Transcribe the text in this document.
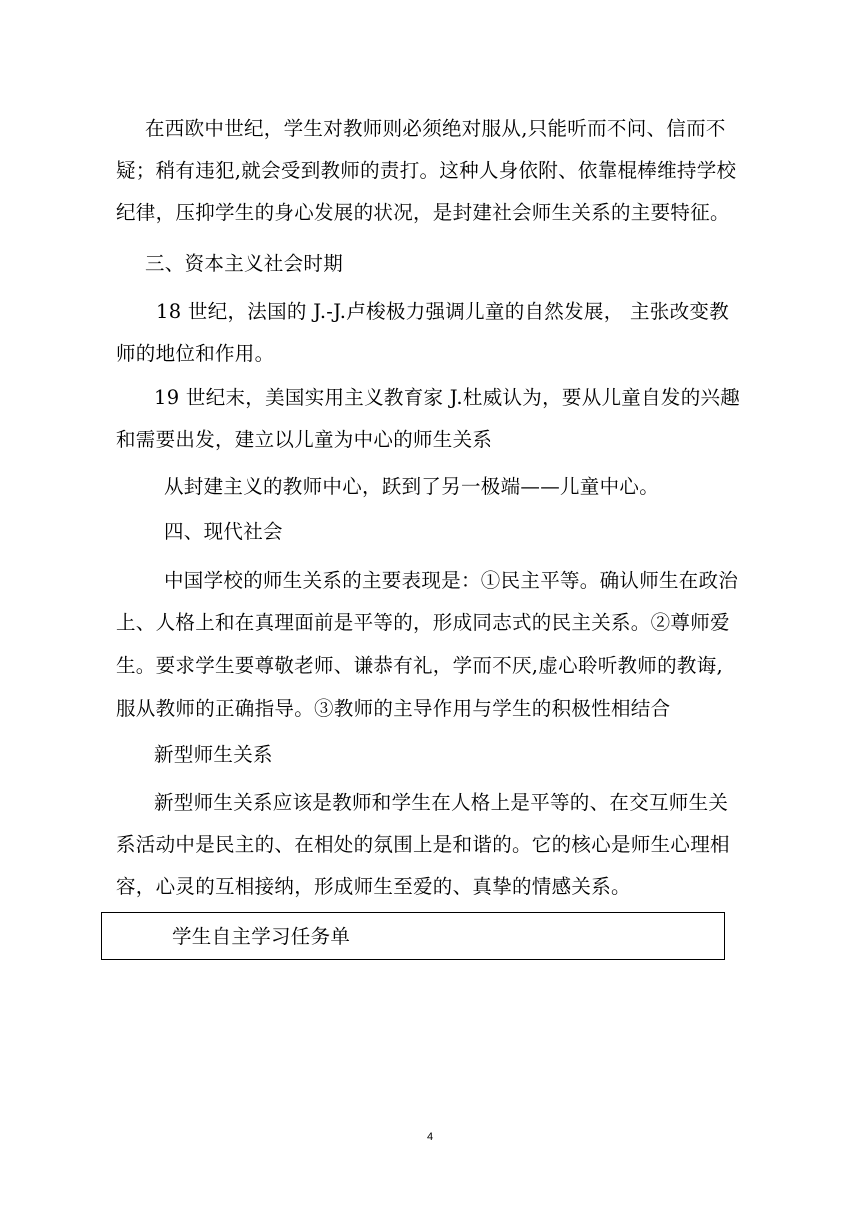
在西欧中世纪，学生对教师则必须绝对服从,只能听而不问、信而不
疑；稍有违犯,就会受到教师的责打。这种人身依附、依靠棍棒维持学校
纪律，压抑学生的身心发展的状况，是封建社会师生关系的主要特征。
三、资本主义社会时期
18 世纪，法国的 J.-J.卢梭极力强调儿童的自然发展， 主张改变教
师的地位和作用。
19 世纪末，美国实用主义教育家 J.杜威认为，要从儿童自发的兴趣
和需要出发，建立以儿童为中心的师生关系
从封建主义的教师中心，跃到了另一极端——儿童中心。
四、现代社会
中国学校的师生关系的主要表现是：①民主平等。确认师生在政治
上、人格上和在真理面前是平等的，形成同志式的民主关系。②尊师爱
生。要求学生要尊敬老师、谦恭有礼，学而不厌,虚心聆听教师的教诲,
服从教师的正确指导。③教师的主导作用与学生的积极性相结合
新型师生关系
新型师生关系应该是教师和学生在人格上是平等的、在交互师生关
系活动中是民主的、在相处的氛围上是和谐的。它的核心是师生心理相
容，心灵的互相接纳，形成师生至爱的、真挚的情感关系。
学生自主学习任务单
4
